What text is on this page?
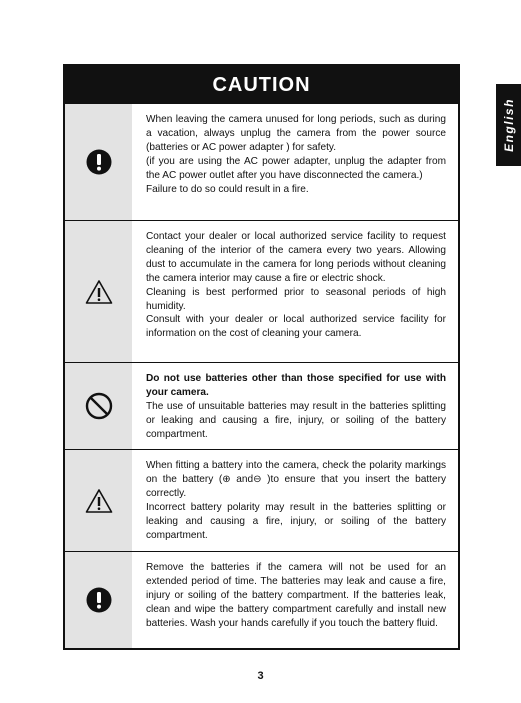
English
CAUTION

When leaving the camera unused for long periods, such as during a vacation, always unplug the camera from the power source (batteries or AC power adapter ) for safety.

(if you are using the AC power adapter, unplug the adapter from the AC power outlet after you have disconnected the camera.)

Failure to do so could result in a fire.

Contact your dealer or local authorized service facility to request cleaning of the interior of the camera every two years. Allowing dust to accumulate in the camera for long periods without cleaning the camera interior may cause a fire or electric shock.

Cleaning is best performed prior to seasonal periods of high humidity.

Consult with your dealer or local authorized service facility for information on the cost of cleaning your camera.

Do not use batteries other than those specified for use with your camera.

The use of unsuitable batteries may result in the batteries splitting or leaking and causing a fire, injury, or soiling of the battery compartment.

When fitting a battery into the camera, check the polarity markings on the battery (⊕ and⊖ )to ensure that you insert the battery correctly.

Incorrect battery polarity may result in the batteries splitting or leaking and causing a fire, injury, or soiling of the battery compartment.

Remove the batteries if the camera will not be used for an extended period of time. The batteries may leak and cause a fire, injury or soiling of the battery compartment. If the batteries leak, clean and wipe the battery compartment carefully and install new batteries. Wash your hands carefully if you touch the battery fluid.

3
